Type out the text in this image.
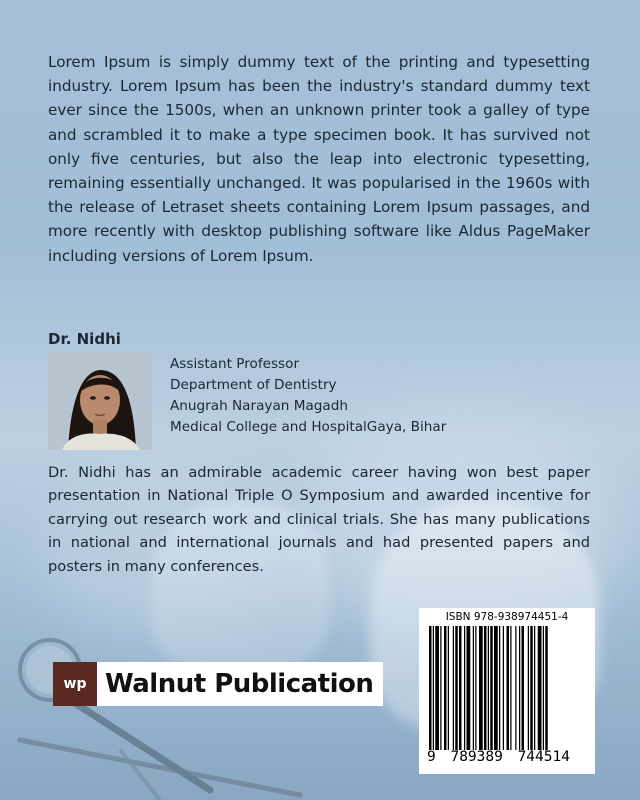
Lorem Ipsum is simply dummy text of the printing and typesetting industry. Lorem Ipsum has been the industry's standard dummy text ever since the 1500s, when an unknown printer took a galley of type and scrambled it to make a type specimen book. It has survived not only five centuries, but also the leap into electronic typesetting, remaining essentially unchanged. It was popularised in the 1960s with the release of Letraset sheets containing Lorem Ipsum passages, and more recently with desktop publishing software like Aldus PageMaker including versions of Lorem Ipsum.

Dr. Nidhi
Assistant Professor
Department of Dentistry
Anugrah Narayan Magadh
Medical College and HospitalGaya, Bihar

Dr. Nidhi has an admirable academic career having won best paper presentation in National Triple O Symposium and awarded incentive for carrying out research work and clinical trials. She has many publications in national and international journals and had presented papers and posters in many conferences.

wp Walnut Publication
ISBN 978-938974451-4
9 789389 744514
